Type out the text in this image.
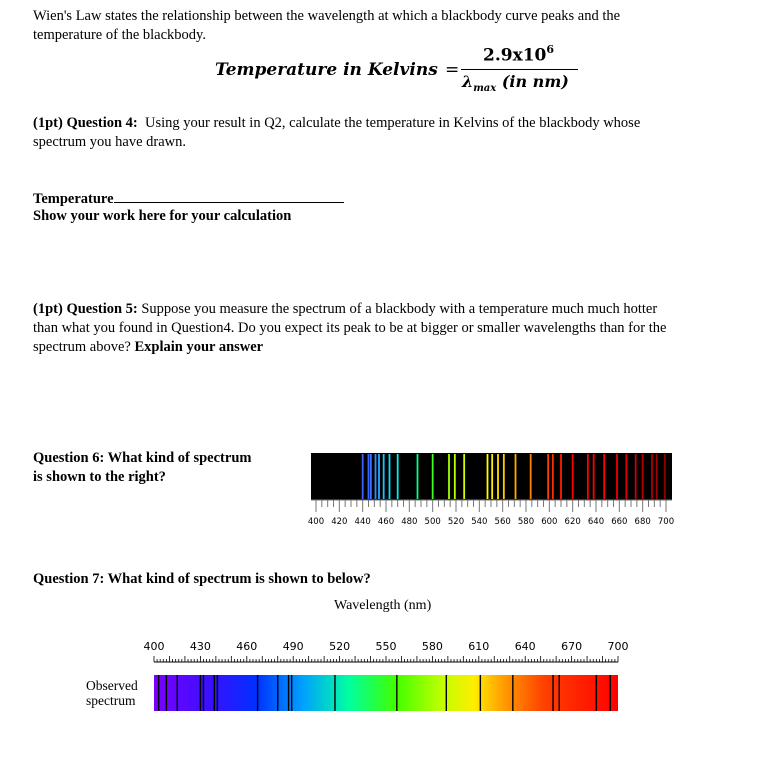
Wien's Law states the relationship between the wavelength at which a blackbody curve peaks and the
temperature of the blackbody.
Temperature in Kelvins =
$2.9x10^6$
$\lambda_{max}$ (in nm)
(1pt) Question 4: Using your result in Q2, calculate the temperature in Kelvins of the blackbody whose
spectrum you have drawn.
Temperature
Show your work here for your calculation
(1pt) Question 5: Suppose you measure the spectrum of a blackbody with a temperature much much hotter
than what you found in Question4. Do you expect its peak to be at bigger or smaller wavelengths than for the
spectrum above? Explain your answer
Question 6: What kind of spectrum
is shown to the right?
400 420 440 460 480 500 520 540 560 580 600 620 640 660 680 700
Question 7: What kind of spectrum is shown to below?
Wavelength (nm)
400 430 460 490 520 550 580 610 640 670 700
Observed
spectrum
